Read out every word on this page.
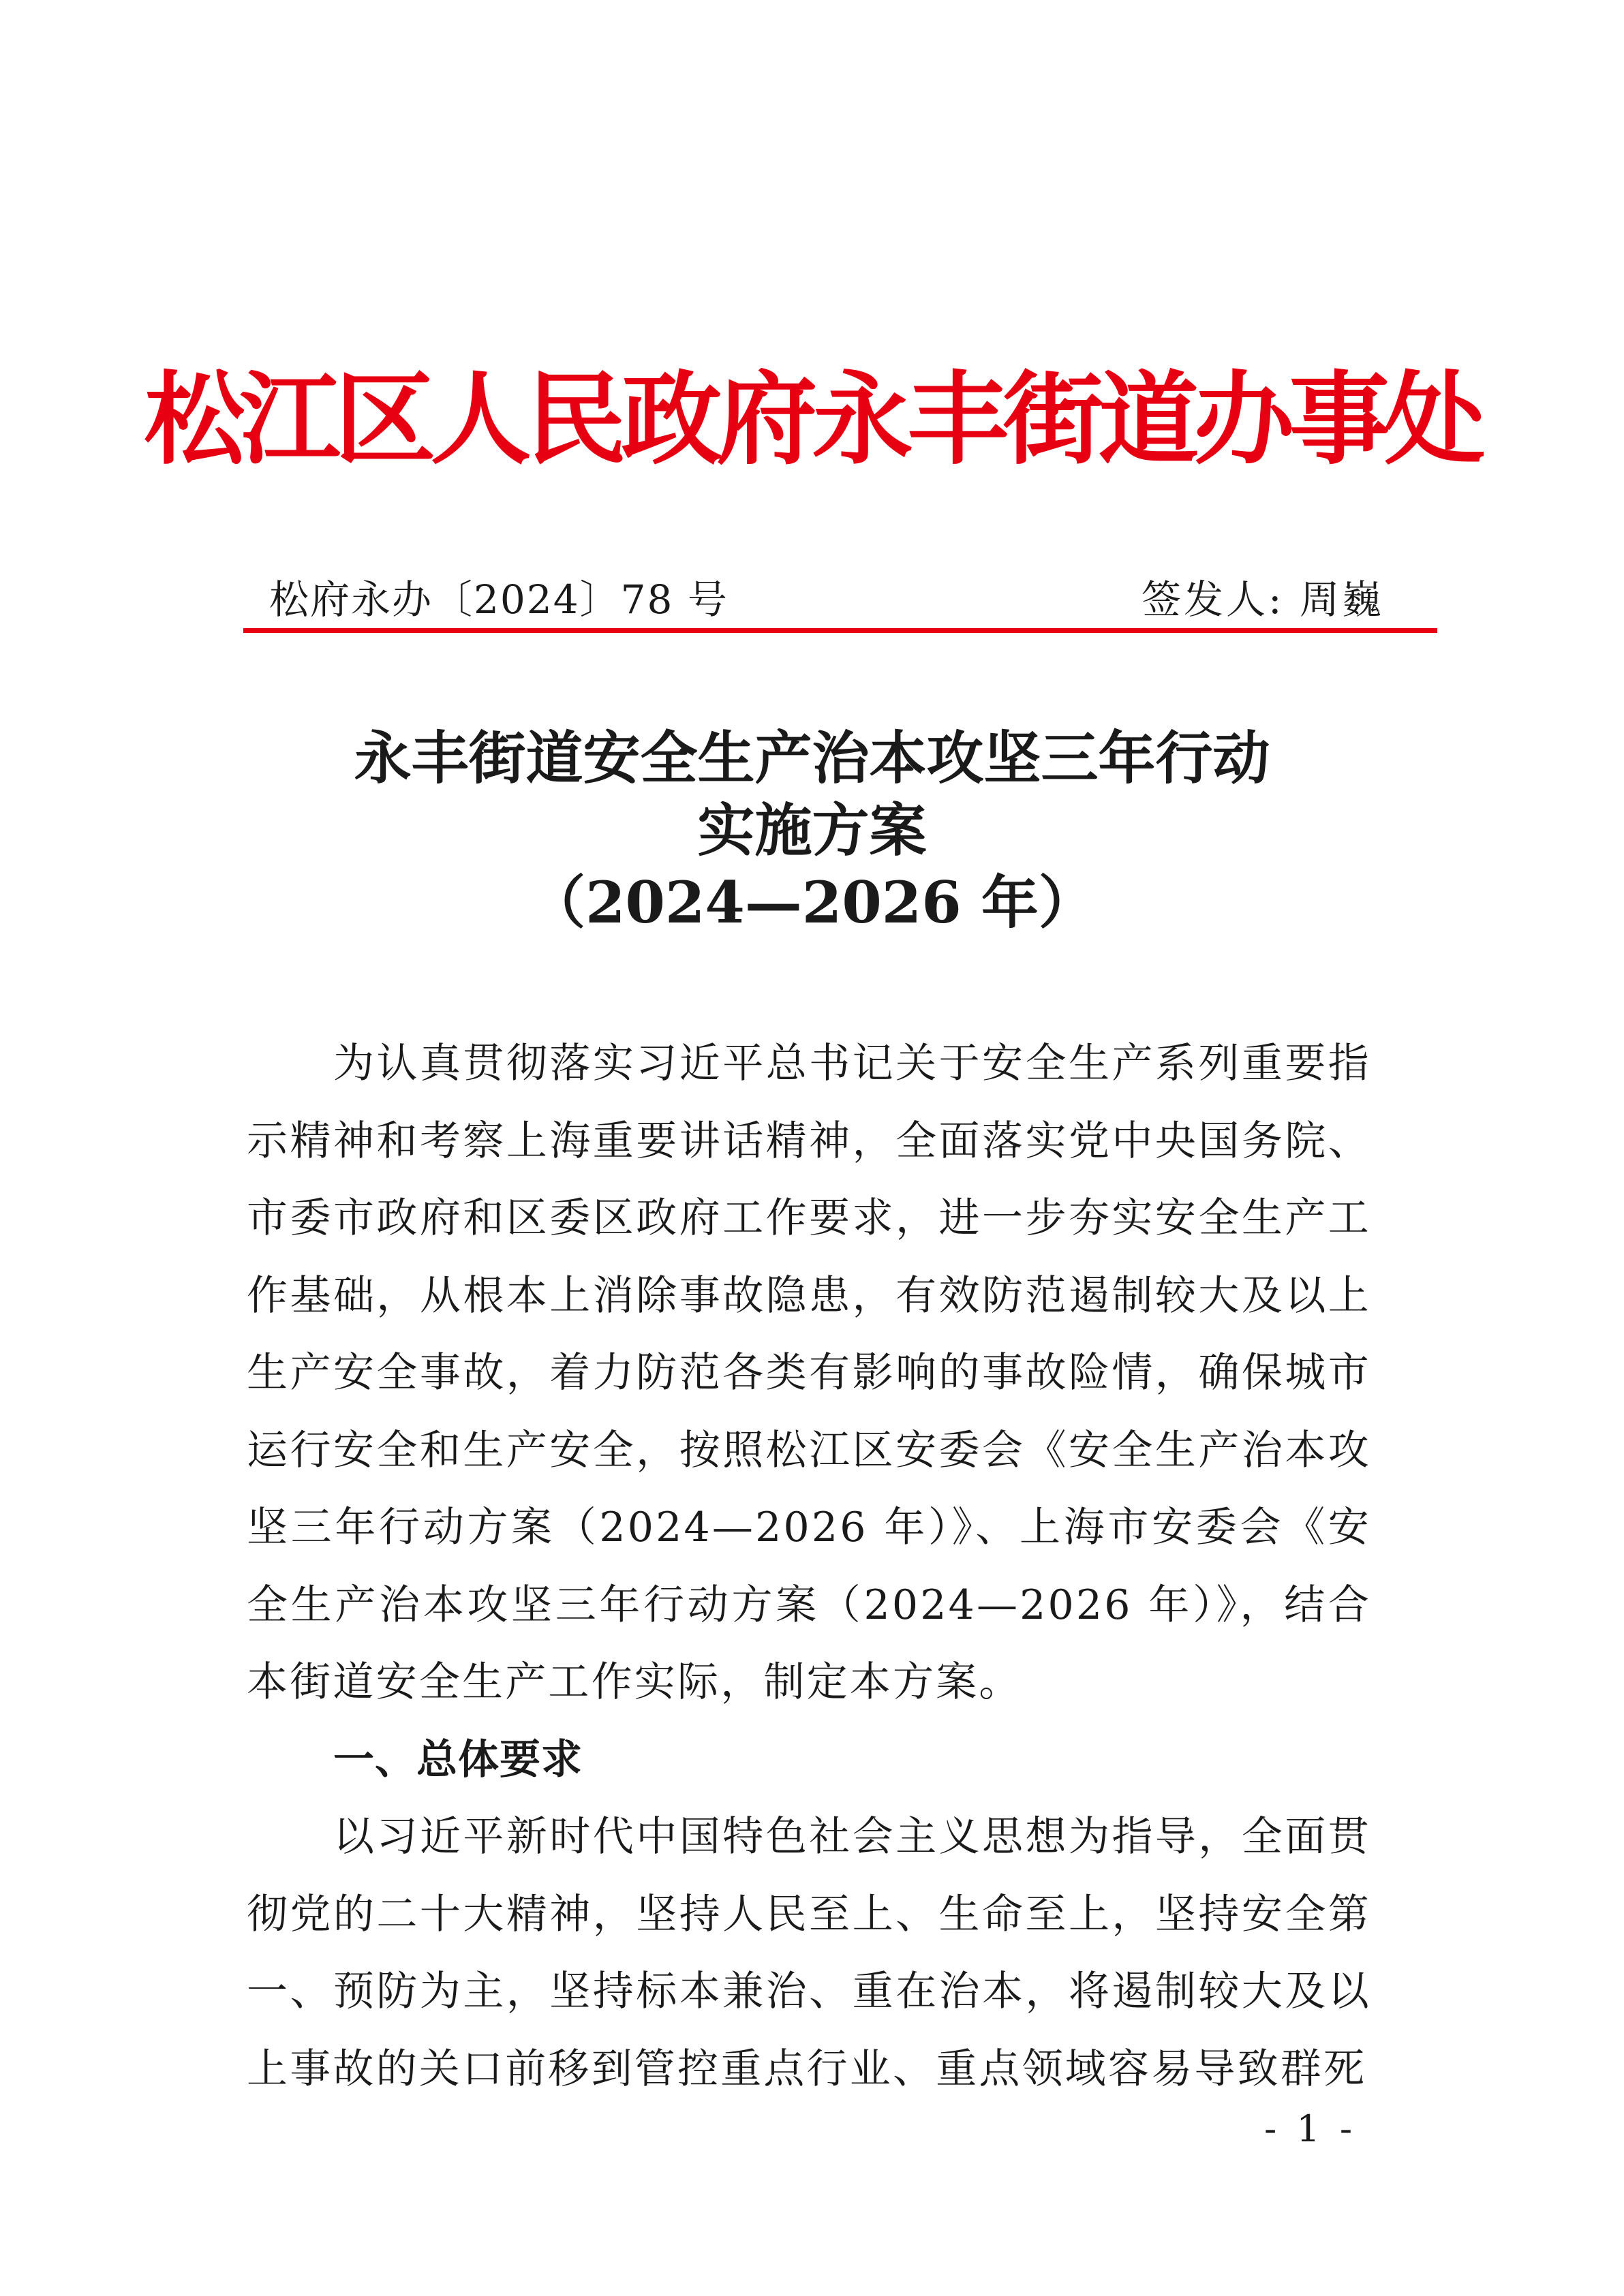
松江区人民政府永丰街道办事处
松府永办〔2024〕78 号	签发人: 周巍
永丰街道安全生产治本攻坚三年行动
实施方案
（2024—2026 年）

为认真贯彻落实习近平总书记关于安全生产系列重要指示精神和考察上海重要讲话精神，全面落实党中央国务院、市委市政府和区委区政府工作要求，进一步夯实安全生产工作基础，从根本上消除事故隐患，有效防范遏制较大及以上生产安全事故，着力防范各类有影响的事故险情，确保城市运行安全和生产安全，按照松江区安委会《安全生产治本攻坚三年行动方案（2024—2026 年）》、上海市安委会《安全生产治本攻坚三年行动方案（2024—2026 年）》，结合本街道安全生产工作实际，制定本方案。

一、总体要求

以习近平新时代中国特色社会主义思想为指导，全面贯彻党的二十大精神，坚持人民至上、生命至上，坚持安全第一、预防为主，坚持标本兼治、重在治本，将遏制较大及以上事故的关口前移到管控重点行业、重点领域容易导致群死

- 1 -
